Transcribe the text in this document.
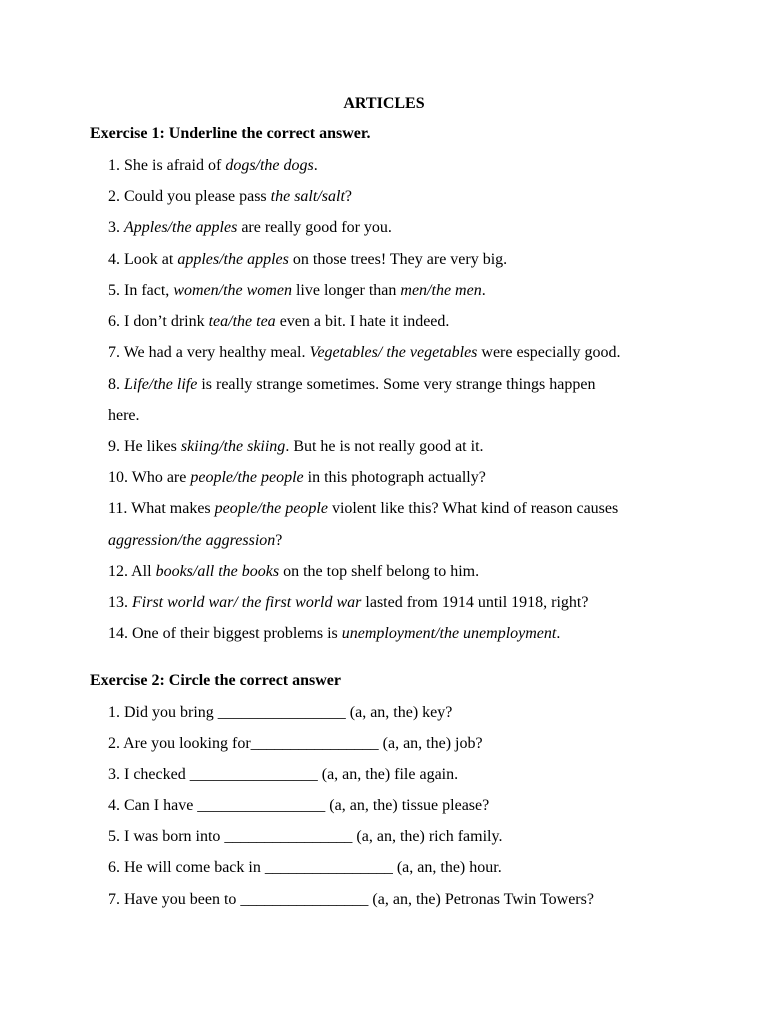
ARTICLES
Exercise 1: Underline the correct answer.
1. She is afraid of dogs/the dogs.
2. Could you please pass the salt/salt?
3. Apples/the apples are really good for you.
4. Look at apples/the apples on those trees! They are very big.
5. In fact, women/the women live longer than men/the men.
6. I don’t drink tea/the tea even a bit. I hate it indeed.
7. We had a very healthy meal. Vegetables/ the vegetables were especially good.
8. Life/the life is really strange sometimes. Some very strange things happen
here.
9. He likes skiing/the skiing. But he is not really good at it.
10. Who are people/the people in this photograph actually?
11. What makes people/the people violent like this? What kind of reason causes
aggression/the aggression?
12. All books/all the books on the top shelf belong to him.
13. First world war/ the first world war lasted from 1914 until 1918, right?
14. One of their biggest problems is unemployment/the unemployment.
Exercise 2: Circle the correct answer
1. Did you bring ________________ (a, an, the) key?
2. Are you looking for________________ (a, an, the) job?
3. I checked ________________ (a, an, the) file again.
4. Can I have ________________ (a, an, the) tissue please?
5. I was born into ________________ (a, an, the) rich family.
6. He will come back in ________________ (a, an, the) hour.
7. Have you been to ________________ (a, an, the) Petronas Twin Towers?
